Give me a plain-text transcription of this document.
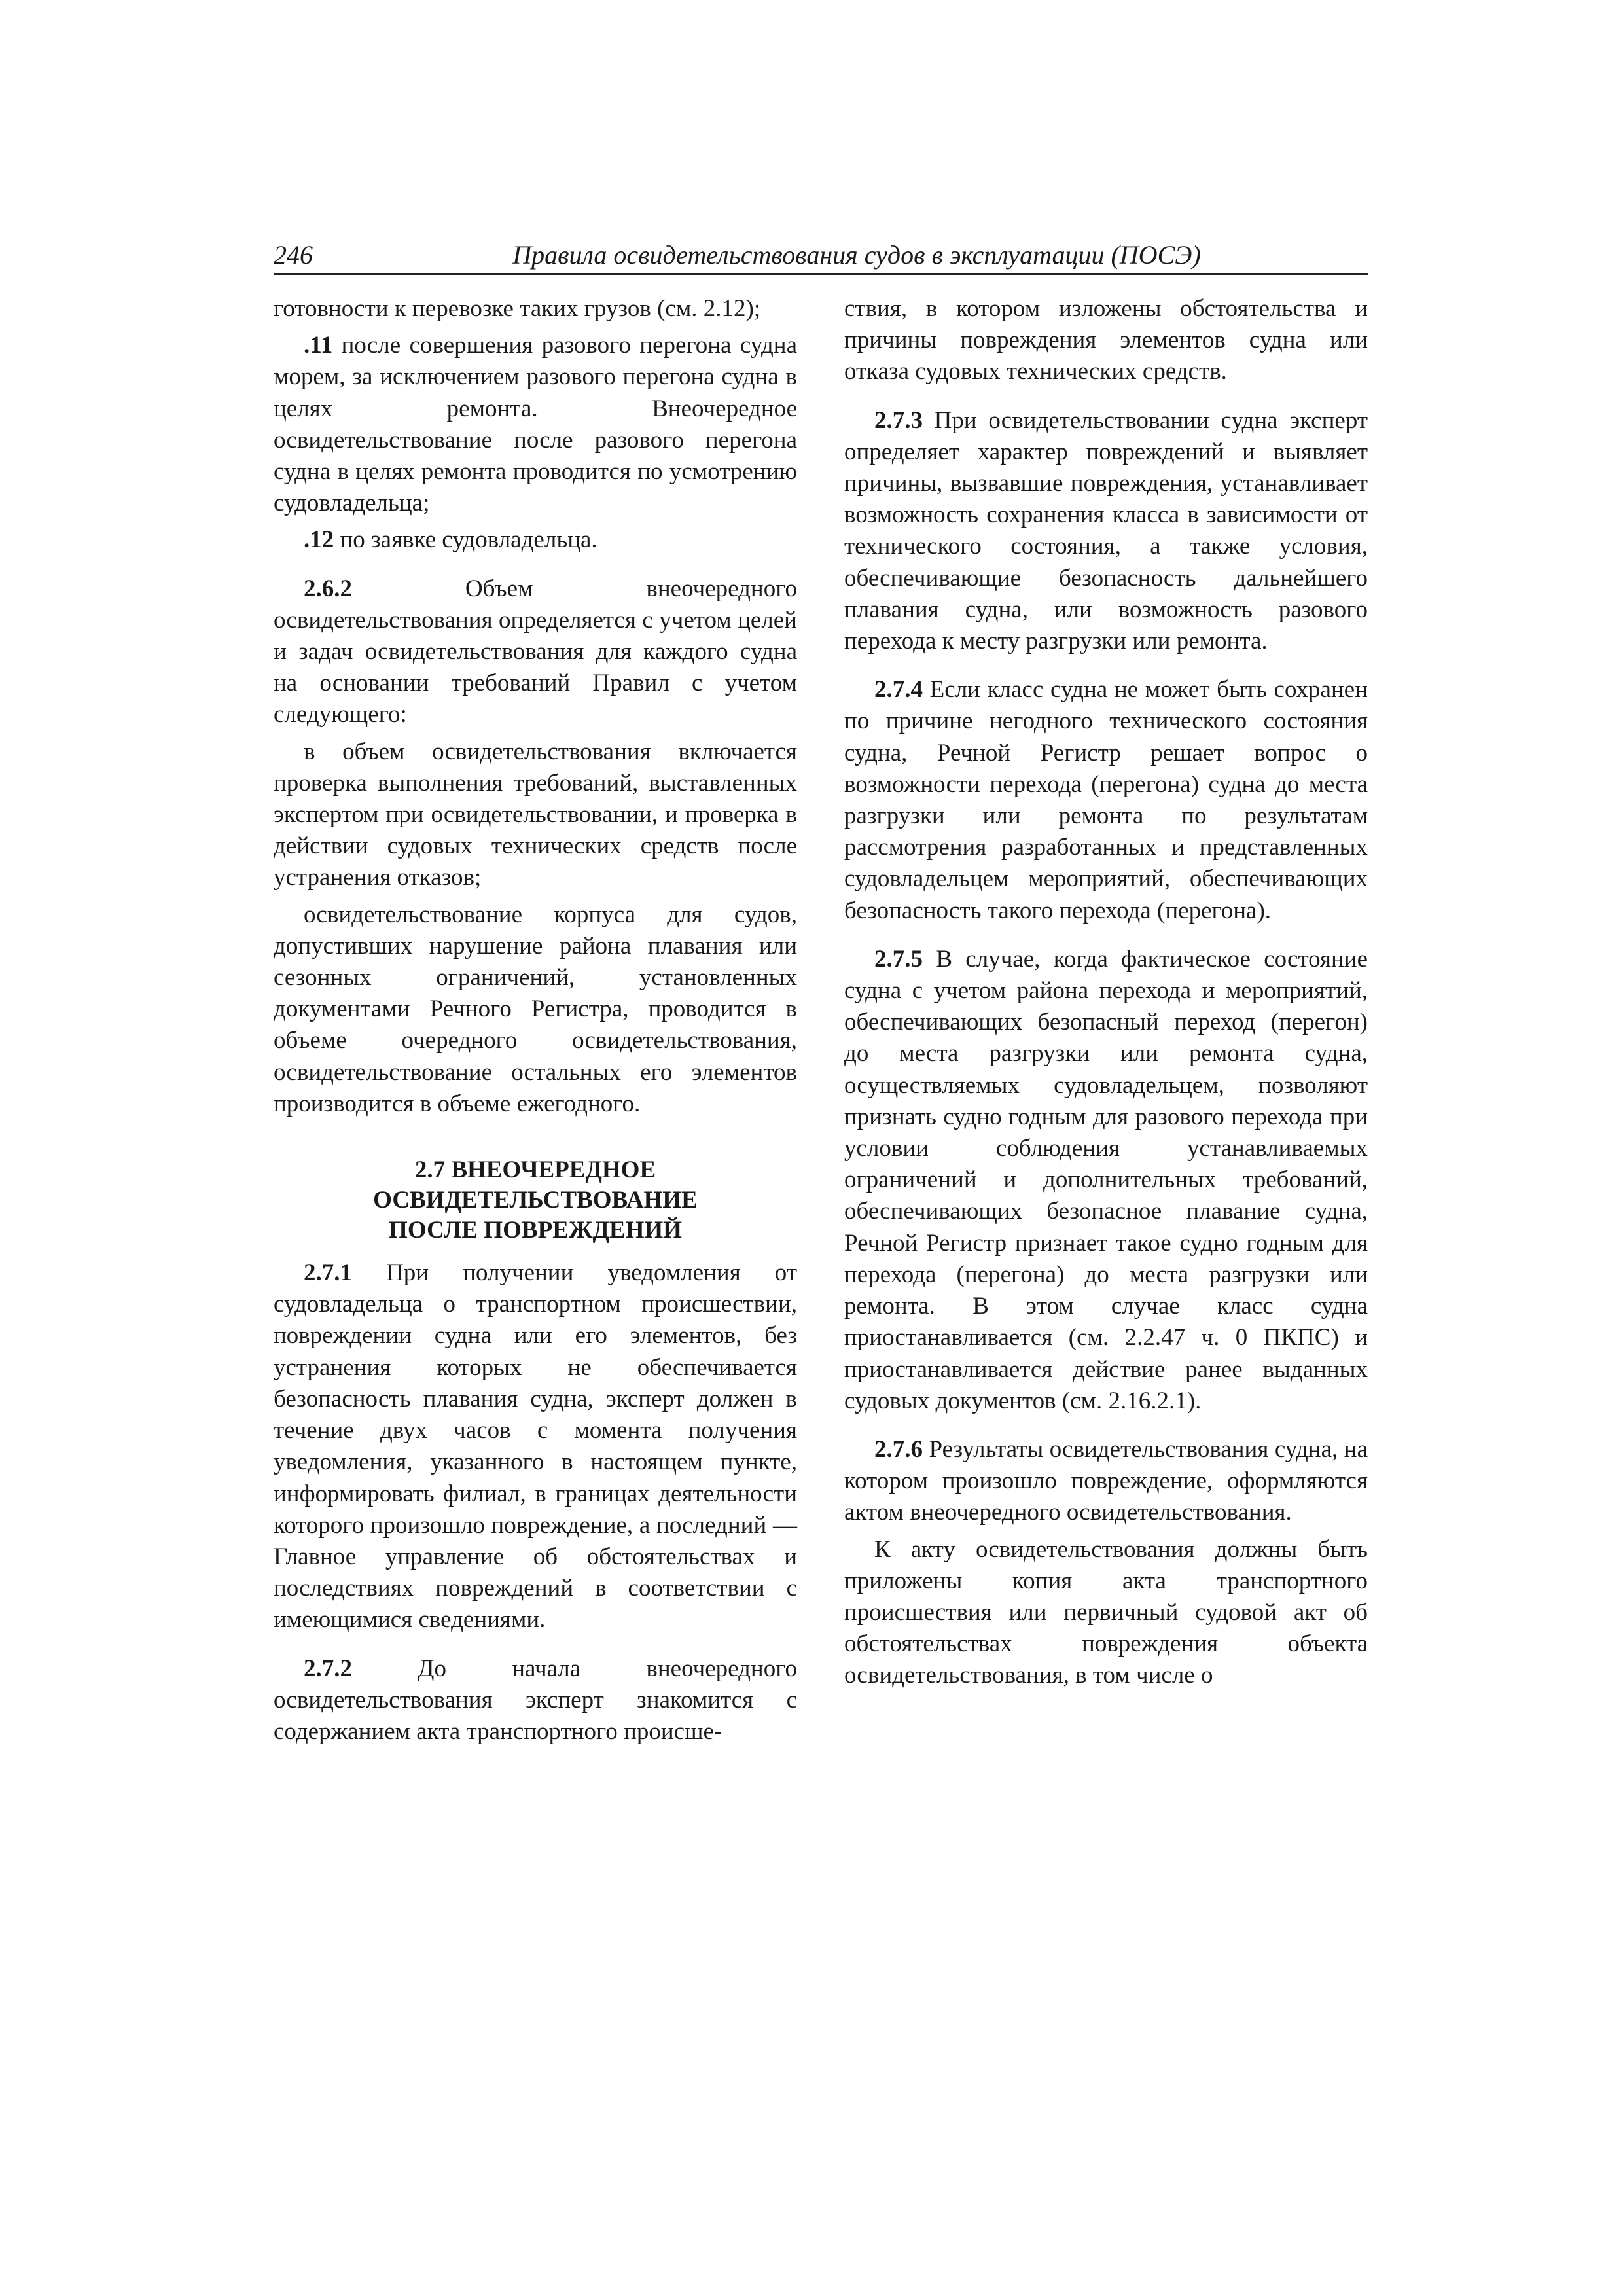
246	Правила освидетельствования судов в эксплуатации (ПОСЭ)

готовности к перевозке таких грузов (см. 2.12);

.11 после совершения разового перегона судна морем, за исключением разового перегона судна в целях ремонта. Внеочередное освидетельствование после разового перегона судна в целях ремонта проводится по усмотрению судовладельца;

.12 по заявке судовладельца.

2.6.2 Объем внеочередного освидетельствования определяется с учетом целей и задач освидетельствования для каждого судна на основании требований Правил с учетом следующего:

в объем освидетельствования включается проверка выполнения требований, выставленных экспертом при освидетельствовании, и проверка в действии судовых технических средств после устранения отказов;

освидетельствование корпуса для судов, допустивших нарушение района плавания или сезонных ограничений, установленных документами Речного Регистра, проводится в объеме очередного освидетельствования, освидетельствование остальных его элементов производится в объеме ежегодного.

2.7 ВНЕОЧЕРЕДНОЕ
ОСВИДЕТЕЛЬСТВОВАНИЕ
ПОСЛЕ ПОВРЕЖДЕНИЙ

2.7.1 При получении уведомления от судовладельца о транспортном происшествии, повреждении судна или его элементов, без устранения которых не обеспечивается безопасность плавания судна, эксперт должен в течение двух часов с момента получения уведомления, указанного в настоящем пункте, информировать филиал, в границах деятельности которого произошло повреждение, а последний — Главное управление об обстоятельствах и последствиях повреждений в соответствии с имеющимися сведениями.

2.7.2 До начала внеочередного освидетельствования эксперт знакомится с содержанием акта транспортного происше-

ствия, в котором изложены обстоятельства и причины повреждения элементов судна или отказа судовых технических средств.

2.7.3 При освидетельствовании судна эксперт определяет характер повреждений и выявляет причины, вызвавшие повреждения, устанавливает возможность сохранения класса в зависимости от технического состояния, а также условия, обеспечивающие безопасность дальнейшего плавания судна, или возможность разового перехода к месту разгрузки или ремонта.

2.7.4 Если класс судна не может быть сохранен по причине негодного технического состояния судна, Речной Регистр решает вопрос о возможности перехода (перегона) судна до места разгрузки или ремонта по результатам рассмотрения разработанных и представленных судовладельцем мероприятий, обеспечивающих безопасность такого перехода (перегона).

2.7.5 В случае, когда фактическое состояние судна с учетом района перехода и мероприятий, обеспечивающих безопасный переход (перегон) до места разгрузки или ремонта судна, осуществляемых судовладельцем, позволяют признать судно годным для разового перехода при условии соблюдения устанавливаемых ограничений и дополнительных требований, обеспечивающих безопасное плавание судна, Речной Регистр признает такое судно годным для перехода (перегона) до места разгрузки или ремонта. В этом случае класс судна приостанавливается (см. 2.2.47 ч. 0 ПКПС) и приостанавливается действие ранее выданных судовых документов (см. 2.16.2.1).

2.7.6 Результаты освидетельствования судна, на котором произошло повреждение, оформляются актом внеочередного освидетельствования.

К акту освидетельствования должны быть приложены копия акта транспортного происшествия или первичный судовой акт об обстоятельствах повреждения объекта освидетельствования, в том числе о
